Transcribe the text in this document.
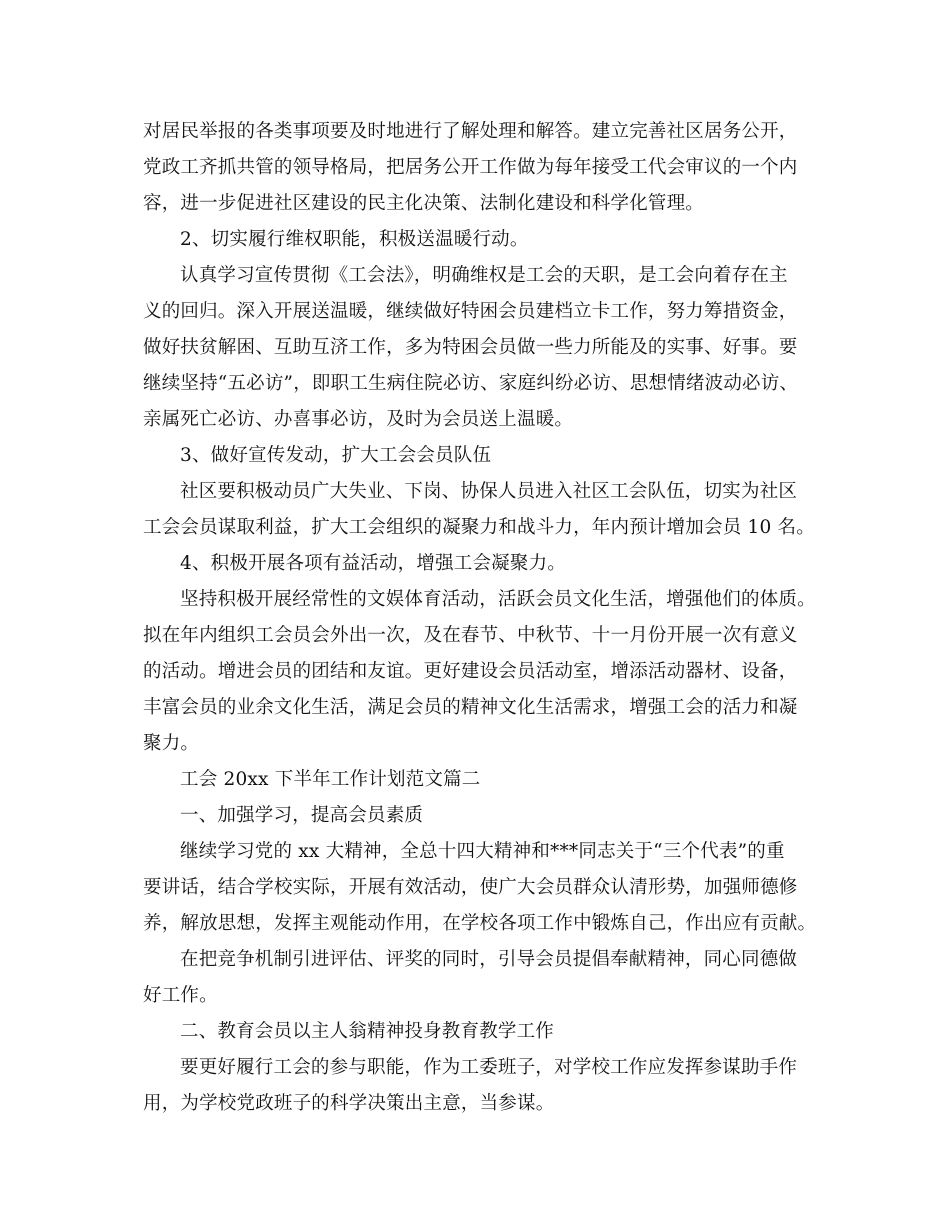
对居民举报的各类事项要及时地进行了解处理和解答。建立完善社区居务公开，
党政工齐抓共管的领导格局，把居务公开工作做为每年接受工代会审议的一个内
容，进一步促进社区建设的民主化决策、法制化建设和科学化管理。
2、切实履行维权职能，积极送温暖行动。
认真学习宣传贯彻《工会法》，明确维权是工会的天职，是工会向着存在主
义的回归。深入开展送温暖，继续做好特困会员建档立卡工作，努力筹措资金，
做好扶贫解困、互助互济工作，多为特困会员做一些力所能及的实事、好事。要
继续坚持“五必访”，即职工生病住院必访、家庭纠纷必访、思想情绪波动必访、
亲属死亡必访、办喜事必访，及时为会员送上温暖。
3、做好宣传发动，扩大工会会员队伍
社区要积极动员广大失业、下岗、协保人员进入社区工会队伍，切实为社区
工会会员谋取利益，扩大工会组织的凝聚力和战斗力，年内预计增加会员 10 名。
4、积极开展各项有益活动，增强工会凝聚力。
坚持积极开展经常性的文娱体育活动，活跃会员文化生活，增强他们的体质。
拟在年内组织工会员会外出一次，及在春节、中秋节、十一月份开展一次有意义
的活动。增进会员的团结和友谊。更好建设会员活动室，增添活动器材、设备，
丰富会员的业余文化生活，满足会员的精神文化生活需求，增强工会的活力和凝
聚力。
工会 20xx 下半年工作计划范文篇二
一、加强学习，提高会员素质
继续学习党的 xx 大精神，全总十四大精神和***同志关于“三个代表”的重
要讲话，结合学校实际，开展有效活动，使广大会员群众认清形势，加强师德修
养，解放思想，发挥主观能动作用，在学校各项工作中锻炼自己，作出应有贡献。
在把竞争机制引进评估、评奖的同时，引导会员提倡奉献精神，同心同德做
好工作。
二、教育会员以主人翁精神投身教育教学工作
要更好履行工会的参与职能，作为工委班子，对学校工作应发挥参谋助手作
用，为学校党政班子的科学决策出主意，当参谋。
